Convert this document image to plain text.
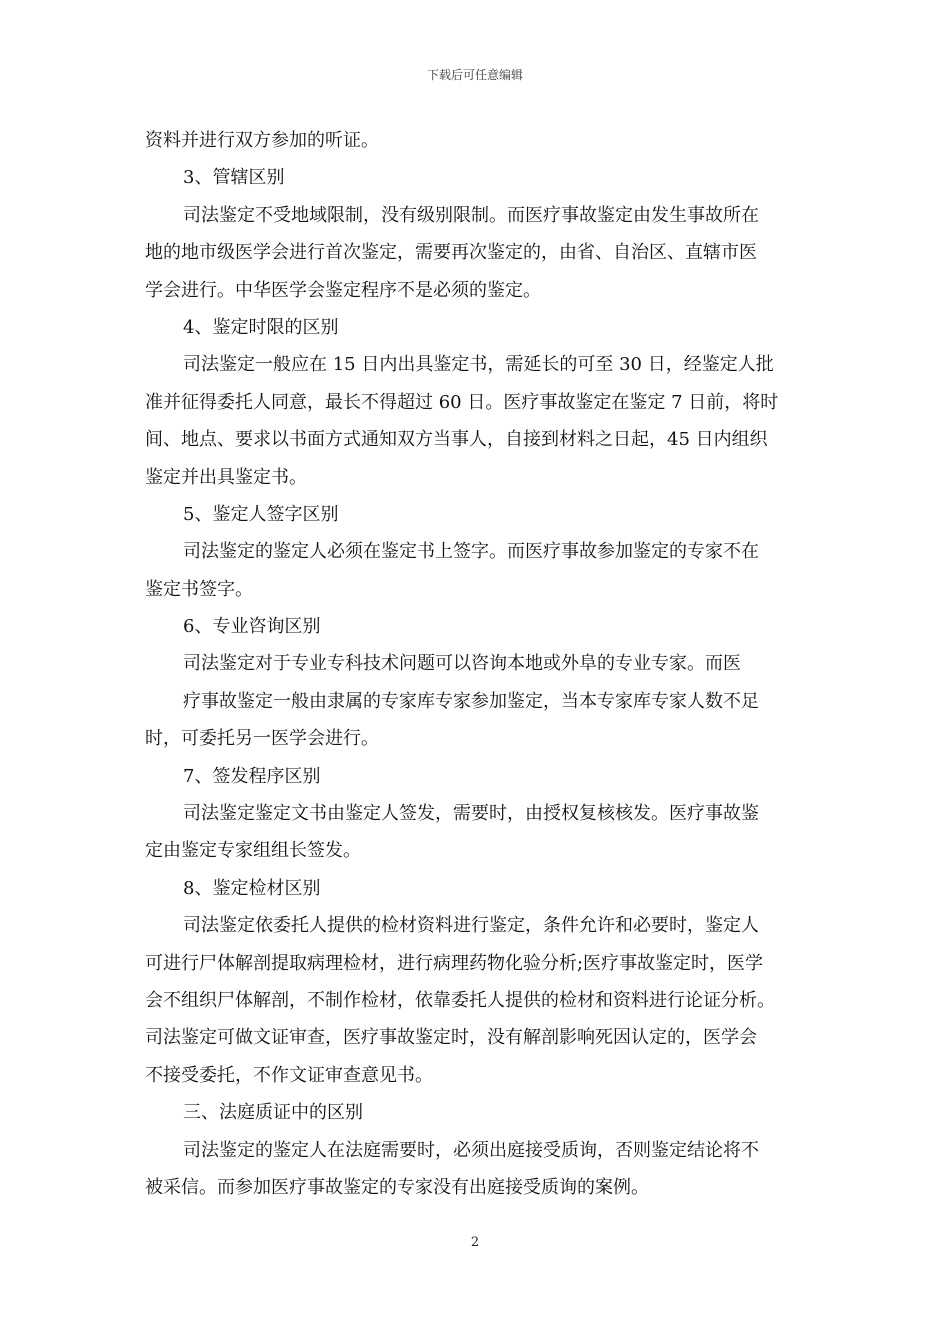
下载后可任意编辑
资料并进行双方参加的听证。
3、管辖区别
司法鉴定不受地域限制，没有级别限制。而医疗事故鉴定由发生事故所在
地的地市级医学会进行首次鉴定，需要再次鉴定的，由省、自治区、直辖市医
学会进行。中华医学会鉴定程序不是必须的鉴定。
4、鉴定时限的区别
司法鉴定一般应在 15 日内出具鉴定书，需延长的可至 30 日，经鉴定人批
准并征得委托人同意，最长不得超过 60 日。医疗事故鉴定在鉴定 7 日前，将时
间、地点、要求以书面方式通知双方当事人，自接到材料之日起，45 日内组织
鉴定并出具鉴定书。
5、鉴定人签字区别
司法鉴定的鉴定人必须在鉴定书上签字。而医疗事故参加鉴定的专家不在
鉴定书签字。
6、专业咨询区别
司法鉴定对于专业专科技术问题可以咨询本地或外阜的专业专家。而医
疗事故鉴定一般由隶属的专家库专家参加鉴定，当本专家库专家人数不足
时，可委托另一医学会进行。
7、签发程序区别
司法鉴定鉴定文书由鉴定人签发，需要时，由授权复核核发。医疗事故鉴
定由鉴定专家组组长签发。
8、鉴定检材区别
司法鉴定依委托人提供的检材资料进行鉴定，条件允许和必要时，鉴定人
可进行尸体解剖提取病理检材，进行病理药物化验分析;医疗事故鉴定时，医学
会不组织尸体解剖，不制作检材，依靠委托人提供的检材和资料进行论证分析。
司法鉴定可做文证审查，医疗事故鉴定时，没有解剖影响死因认定的，医学会
不接受委托，不作文证审查意见书。
三、法庭质证中的区别
司法鉴定的鉴定人在法庭需要时，必须出庭接受质询，否则鉴定结论将不
被采信。而参加医疗事故鉴定的专家没有出庭接受质询的案例。
2
